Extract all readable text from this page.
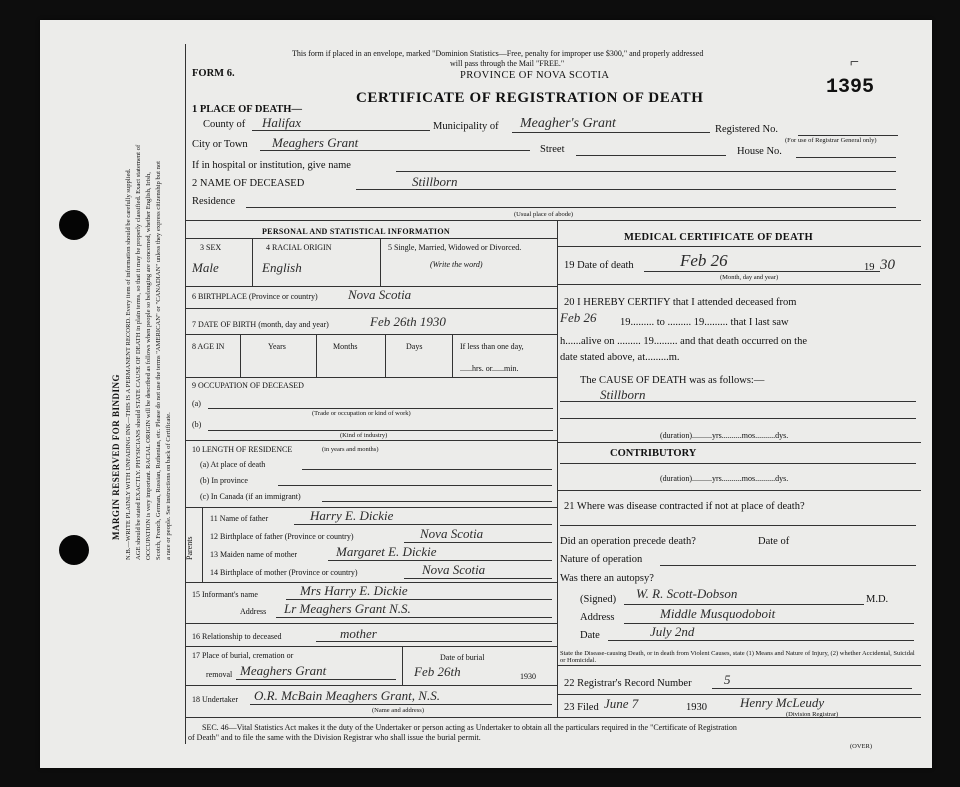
MARGIN RESERVED FOR BINDING N.B.—WRITE PLAINLY WITH UNFADING INK—THIS IS A PERMANENT RECORD. Every item of information should be carefully supplied. AGE should be stated EXACTLY. PHYSICIANS should STATE CAUSE OF DEATH in plain terms, so that it may be properly classified. Exact statement of OCCUPATION is very important. RACIAL ORIGIN will be described as follows when people so belonging are concerned, whether English, Irish, Scotch, French, German, Russian, Ruthenian, etc. Please do not use the terms "AMERICAN" or "CANADIAN" unless they express citizenship but not a race or people. See instructions on back of Certificate.
This form if placed in an envelope, marked "Dominion Statistics—Free, penalty for improper use $300," and properly addressed
will pass through the Mail "FREE."
PROVINCE OF NOVA SCOTIA
FORM 6.
1395
⌐
CERTIFICATE OF REGISTRATION OF DEATH
1 PLACE OF DEATH—
County of Halifax	Municipality of Meagher's Grant	Registered No.
(For use of Registrar General only)
City or Town Meaghers Grant	Street	House No.
If in hospital or institution, give name
2 NAME OF DECEASED	Stillborn
Residence
(Usual place of abode)
PERSONAL AND STATISTICAL INFORMATION
3 SEX	4 RACIAL ORIGIN	5 Single, Married, Widowed or Divorced.
(Write the word)
Male	English
6 BIRTHPLACE (Province or country) Nova Scotia
7 DATE OF BIRTH (month, day and year)	Feb 26th 1930
8 AGE IN	Years	Months	Days	If less than one day,
......hrs. or......min.
9 OCCUPATION OF DECEASED
(a)
(Trade or occupation or kind of work)
(b)
(Kind of industry)
10 LENGTH OF RESIDENCE	(in years and months)
(a) At place of death
(b) In province
(c) In Canada (if an immigrant)
Parents
11 Name of father	Harry E. Dickie
12 Birthplace of father (Province or country)	Nova Scotia
13 Maiden name of mother	Margaret E. Dickie
14 Birthplace of mother (Province or country)	Nova Scotia
15 Informant's name	Mrs Harry E. Dickie
Address Lr Meaghers Grant N.S.
16 Relationship to deceased	mother
17 Place of burial, cremation or
removal Meaghers Grant
Date of burial
Feb 26th	1930
18 Undertaker O.R. McBain Meaghers Grant, N.S.
(Name and address)
MEDICAL CERTIFICATE OF DEATH
19 Date of death	Feb 26	19 30
(Month, day and year)
20 I HEREBY CERTIFY that I attended deceased from
Feb 26 19......... to ......... 19......... that I last saw
h......alive on ......... 19......... and that death occurred on the
date stated above, at.........m.
The CAUSE OF DEATH was as follows:—
Stillborn
(duration)..........yrs..........mos..........dys.
CONTRIBUTORY
(duration)..........yrs..........mos..........dys.
21 Where was disease contracted if not at place of death?
Did an operation precede death?	Date of
Nature of operation
Was there an autopsy?
(Signed) W. R. Scott-Dobson	M.D.
Address	Middle Musquodoboit
Date	July 2nd
State the Disease-causing Death, or in death from Violent Causes, state (1) Means and Nature of Injury, (2) whether Accidental, Suicidal or Homicidal.
22 Registrar's Record Number 5
23 Filed June 7	1930	Henry McLeudy
(Division Registrar)
SEC. 46—Vital Statistics Act makes it the duty of the Undertaker or person acting as Undertaker to obtain all the particulars required in the "Certificate of Registration
of Death" and to file the same with the Division Registrar who shall issue the burial permit.
(OVER)
